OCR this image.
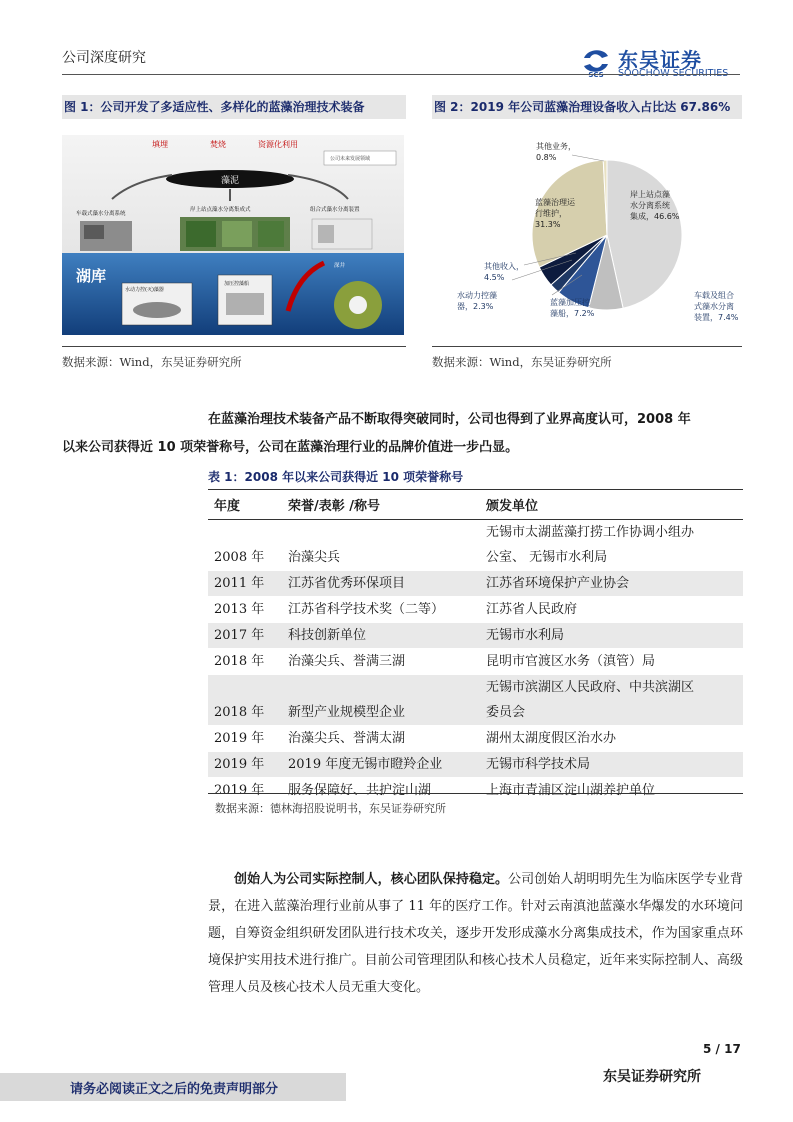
公司深度研究
SCS
东吴证券
SOOCHOW SECURITIES
图 1：公司开发了多适应性、多样化的蓝藻治理技术装备	图 2：2019 年公司蓝藻治理设备收入占比达 67.86%
藻泥
填埋	焚烧	资源化利用
公司未来发展领域
车载式藻水分离系统
岸上站点藻水分离集成式	组合式藻水分离装置
湖库
水动力控(灭)藻器
加压控藻船
深井
岸上站点藻水分离系统集成，46.6%
车载及组合式藻水分离装置，7.4%
蓝藻加压控藻船，7.2%
水动力控藻器，2.3%
其他收入， 4.5%
蓝藻治理运行维护， 31.3%
其他业务， 0.8%
数据来源：Wind，东吴证券研究所	数据来源：Wind，东吴证券研究所
在蓝藻治理技术装备产品不断取得突破同时，公司也得到了业界高度认可，2008 年
以来公司获得近 10 项荣誉称号，公司在蓝藻治理行业的品牌价值进一步凸显。
表 1：2008 年以来公司获得近 10 项荣誉称号
年度	荣誉/表彰 /称号	颁发单位
2008 年	治藻尖兵	无锡市太湖蓝藻打捞工作协调小组办
公室、 无锡市水利局

2011 年	江苏省优秀环保项目	江苏省环境保护产业协会
2013 年	江苏省科学技术奖（二等）	江苏省人民政府
2017 年	科技创新单位	无锡市水利局
2018 年	治藻尖兵、誉满三湖	昆明市官渡区水务（滇管）局
2018 年	新型产业规模型企业	无锡市滨湖区人民政府、中共滨湖区
委员会

2019 年	治藻尖兵、誉满太湖	湖州太湖度假区治水办
2019 年	2019 年度无锡市瞪羚企业	无锡市科学技术局
2019 年	服务保障好、共护淀山湖	上海市青浦区淀山湖养护单位
数据来源：德林海招股说明书，东吴证券研究所
创始人为公司实际控制人，核心团队保持稳定。公司创始人胡明明先生为临床医学专业背景，在进入蓝藻治理行业前从事了 11 年的医疗工作。针对云南滇池蓝藻水华爆发的水环境问题，自筹资金组织研发团队进行技术攻关，逐步开发形成藻水分离集成技术，作为国家重点环境保护实用技术进行推广。目前公司管理团队和核心技术人员稳定，近年来实际控制人、高级管理人员及核心技术人员无重大变化。
5 / 17
请务必阅读正文之后的免责声明部分
东吴证券研究所
